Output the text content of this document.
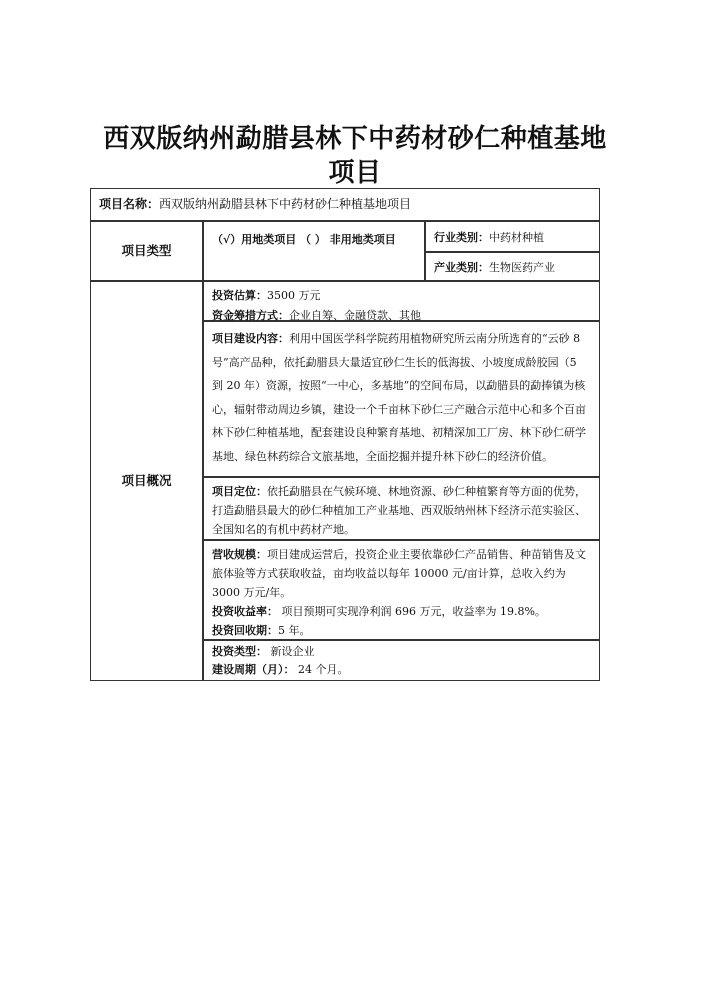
西双版纳州勐腊县林下中药材砂仁种植基地
项目
项目名称：西双版纳州勐腊县林下中药材砂仁种植基地项目
项目类型
（√）用地类项目 （ ） 非用地类项目	行业类别：中药材种植
产业类别：生物医药产业
项目概况
投资估算：3500 万元
资金筹措方式：企业自筹、金融贷款、其他
项目建设内容：利用中国医学科学院药用植物研究所云南分所选育的“云砂 8 号”高产品种，依托勐腊县大量适宜砂仁生长的低海拔、小坡度成龄胶园（5 到 20 年）资源，按照“一中心，多基地”的空间布局，以勐腊县的勐捧镇为核心，辐射带动周边乡镇，建设一个千亩林下砂仁三产融合示范中心和多个百亩林下砂仁种植基地，配套建设良种繁育基地、初精深加工厂房、林下砂仁研学基地、绿色林药综合文旅基地，全面挖掘并提升林下砂仁的经济价值。
项目定位：依托勐腊县在气候环境、林地资源、砂仁种植繁育等方面的优势，打造勐腊县最大的砂仁种植加工产业基地、西双版纳州林下经济示范实验区、全国知名的有机中药材产地。
营收规模：项目建成运营后，投资企业主要依靠砂仁产品销售、种苗销售及文旅体验等方式获取收益，亩均收益以每年 10000 元/亩计算，总收入约为 3000 万元/年。
投资收益率： 项目预期可实现净利润 696 万元，收益率为 19.8%。
投资回收期：5 年。
投资类型： 新设企业
建设周期（月）： 24 个月。
